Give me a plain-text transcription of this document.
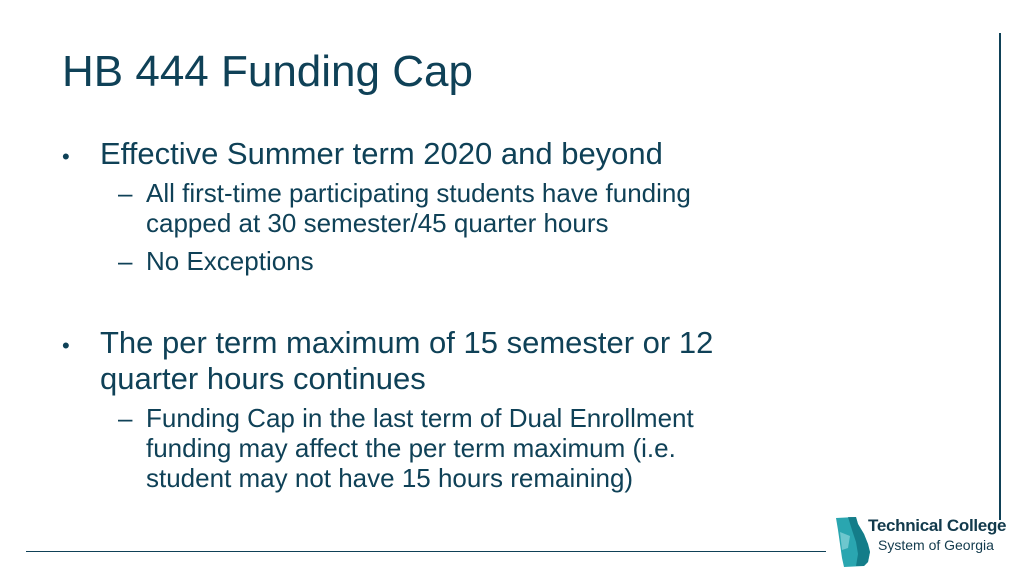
HB 444 Funding Cap
• Effective Summer term 2020 and beyond
– All first-time participating students have funding
capped at 30 semester/45 quarter hours
– No Exceptions
• The per term maximum of 15 semester or 12
quarter hours continues
– Funding Cap in the last term of Dual Enrollment
funding may affect the per term maximum (i.e.
student may not have 15 hours remaining)
Technical College
System of Georgia
